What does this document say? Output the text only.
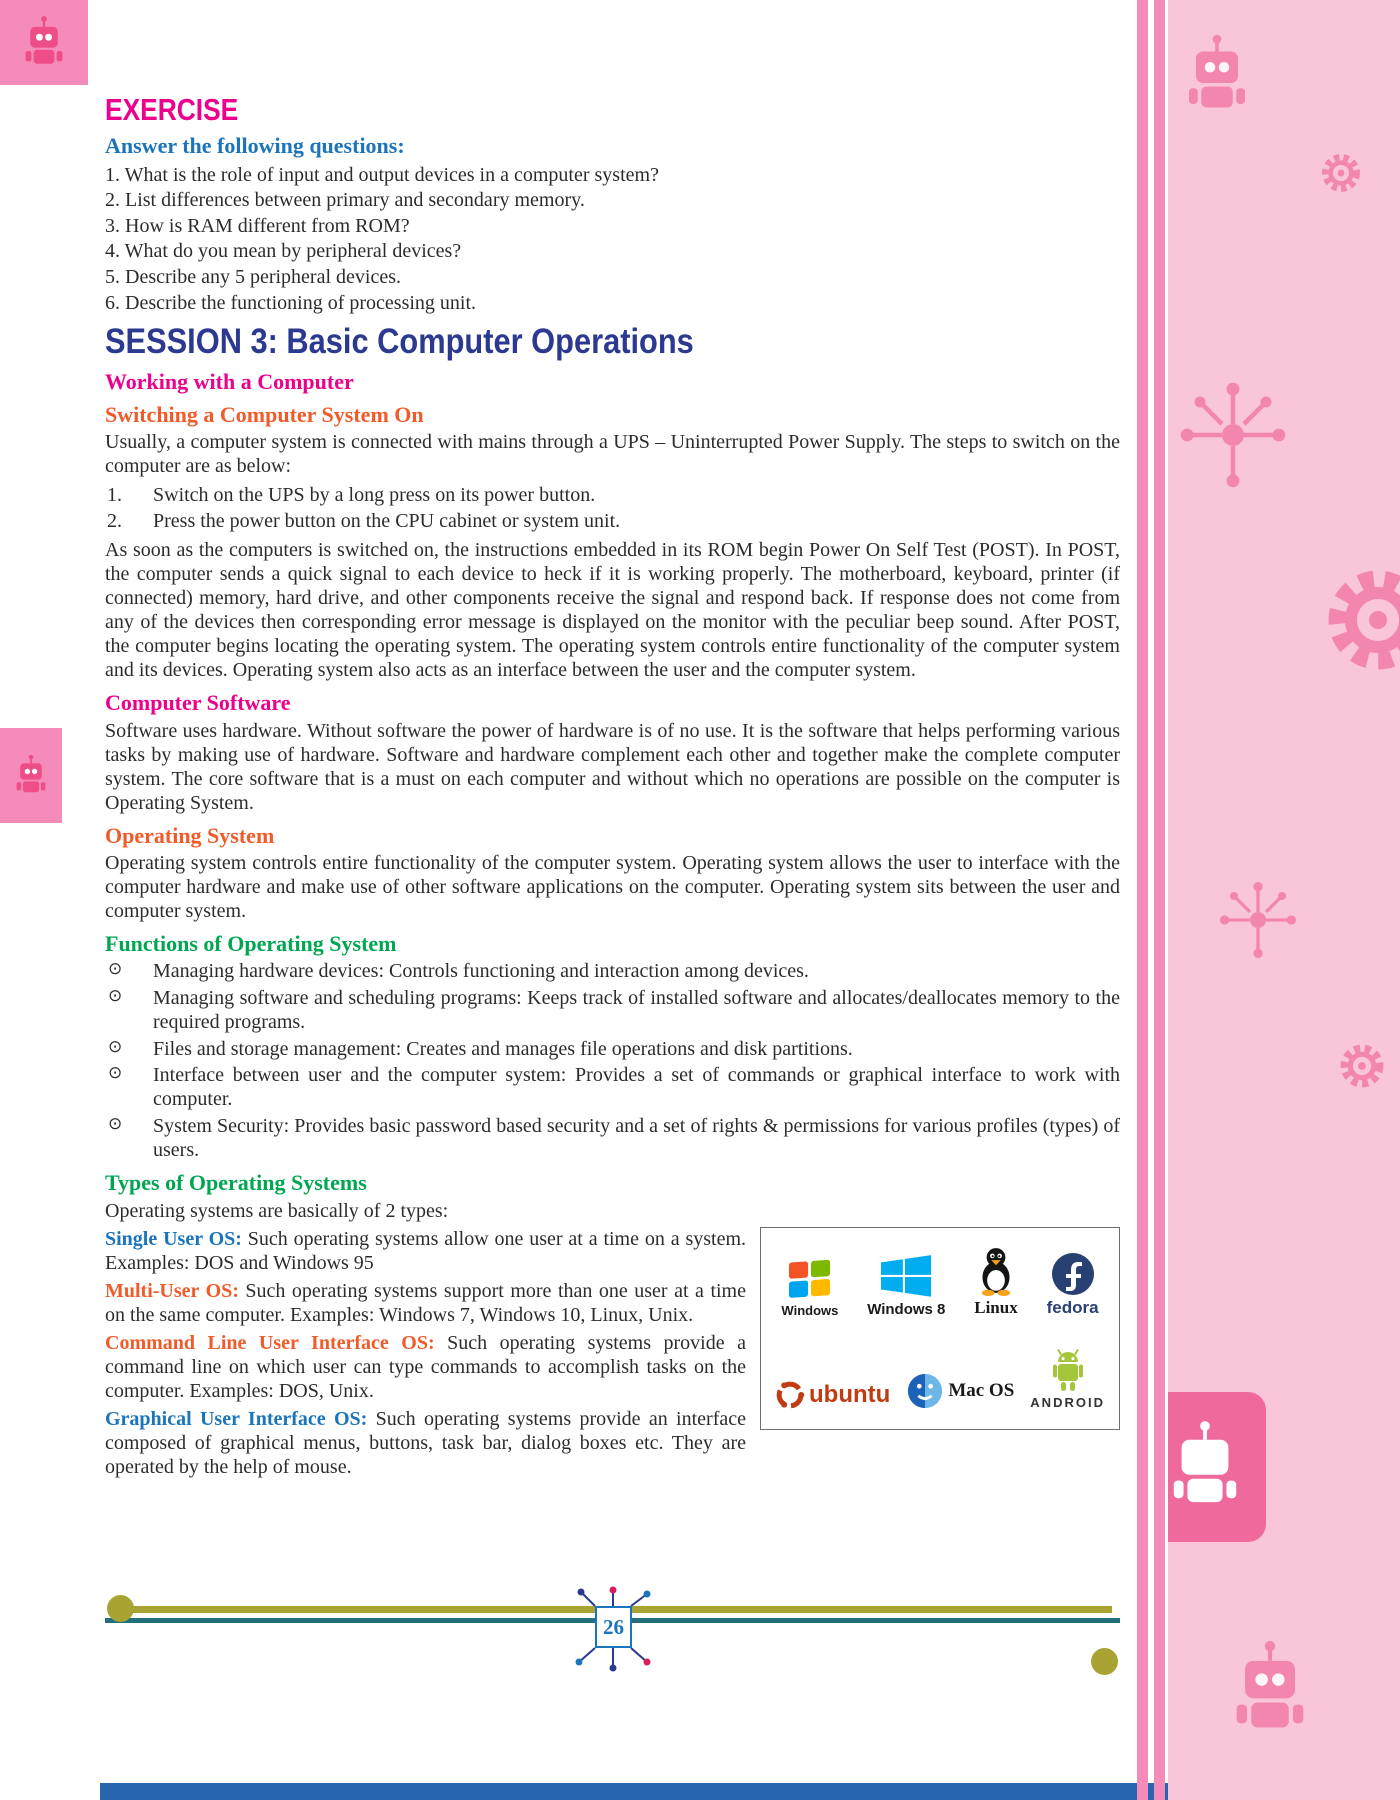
EXERCISE
Answer the following questions:
1. What is the role of input and output devices in a computer system?
2. List differences between primary and secondary memory.
3. How is RAM different from ROM?
4. What do you mean by peripheral devices?
5. Describe any 5 peripheral devices.
6. Describe the functioning of processing unit.
SESSION 3: Basic Computer Operations
Working with a Computer
Switching a Computer System On

Usually, a computer system is connected with mains through a UPS – Uninterrupted Power Supply. The steps to switch on the computer are as below:

1. Switch on the UPS by a long press on its power button.
2. Press the power button on the CPU cabinet or system unit.

As soon as the computers is switched on, the instructions embedded in its ROM begin Power On Self Test (POST). In POST, the computer sends a quick signal to each device to heck if it is working properly. The motherboard, keyboard, printer (if connected) memory, hard drive, and other components receive the signal and respond back. If response does not come from any of the devices then corresponding error message is displayed on the monitor with the peculiar beep sound. After POST, the computer begins locating the operating system. The operating system controls entire functionality of the computer system and its devices. Operating system also acts as an interface between the user and the computer system.

Computer Software

Software uses hardware. Without software the power of hardware is of no use. It is the software that helps performing various tasks by making use of hardware. Software and hardware complement each other and together make the complete computer system. The core software that is a must on each computer and without which no operations are possible on the computer is Operating System.

Operating System

Operating system controls entire functionality of the computer system. Operating system allows the user to interface with the computer hardware and make use of other software applications on the computer. Operating system sits between the user and computer system.

Functions of Operating System
⊙ Managing hardware devices: Controls functioning and interaction among devices.
⊙ Managing software and scheduling programs: Keeps track of installed software and allocates/deallocates memory to the required programs.
⊙ Files and storage management: Creates and manages file operations and disk partitions.
⊙ Interface between user and the computer system: Provides a set of commands or graphical interface to work with computer.
⊙ System Security: Provides basic password based security and a set of rights & permissions for various profiles (types) of users.
Types of Operating Systems

Operating systems are basically of 2 types:

Windows Windows 8 Linux fedora
ubuntu	Mac OS
ANDROID

Single User OS: Such operating systems allow one user at a time on a system. Examples: DOS and Windows 95

Multi-User OS: Such operating systems support more than one user at a time on the same computer. Examples: Windows 7, Windows 10, Linux, Unix.

Command Line User Interface OS: Such operating systems provide a command line on which user can type commands to accomplish tasks on the computer. Examples: DOS, Unix.

Graphical User Interface OS: Such operating systems provide an interface composed of graphical menus, buttons, task bar, dialog boxes etc. They are operated by the help of mouse.

26
